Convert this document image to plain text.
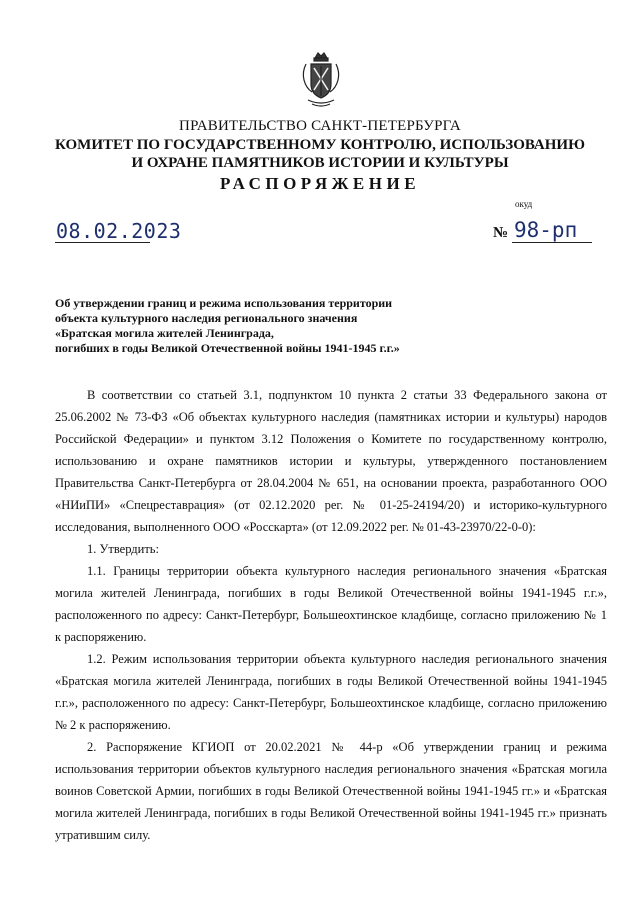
ПРАВИТЕЛЬСТВО САНКТ-ПЕТЕРБУРГА
КОМИТЕТ ПО ГОСУДАРСТВЕННОМУ КОНТРОЛЮ, ИСПОЛЬЗОВАНИЮ
И ОХРАНЕ ПАМЯТНИКОВ ИСТОРИИ И КУЛЬТУРЫ
РАСПОРЯЖЕНИЕ
окуд
08.02.2023	№ 98-рп
Об утверждении границ и режима использования территории
объекта культурного наследия регионального значения
«Братская могила жителей Ленинграда,
погибших в годы Великой Отечественной войны 1941-1945 г.г.»

В соответствии со статьей 3.1, подпунктом 10 пункта 2 статьи 33 Федерального закона от 25.06.2002 № 73-ФЗ «Об объектах культурного наследия (памятниках истории и культуры) народов Российской Федерации» и пунктом 3.12 Положения о Комитете по государственному контролю, использованию и охране памятников истории и культуры, утвержденного постановлением Правительства Санкт-Петербурга от 28.04.2004 № 651, на основании проекта, разработанного ООО «НИиПИ» «Спецреставрация» (от 02.12.2020 рег. № 01-25-24194/20) и историко-культурного исследования, выполненного ООО «Росскарта» (от 12.09.2022 рег. № 01-43-23970/22-0-0):

1. Утвердить:

1.1. Границы территории объекта культурного наследия регионального значения «Братская могила жителей Ленинграда, погибших в годы Великой Отечественной войны 1941-1945 г.г.», расположенного по адресу: Санкт-Петербург, Большеохтинское кладбище, согласно приложению № 1 к распоряжению.

1.2. Режим использования территории объекта культурного наследия регионального значения «Братская могила жителей Ленинграда, погибших в годы Великой Отечественной войны 1941-1945 г.г.», расположенного по адресу: Санкт-Петербург, Большеохтинское кладбище, согласно приложению № 2 к распоряжению.

2. Распоряжение КГИОП от 20.02.2021 № 44-р «Об утверждении границ и режима использования территории объектов культурного наследия регионального значения «Братская могила воинов Советской Армии, погибших в годы Великой Отечественной войны 1941-1945 гг.» и «Братская могила жителей Ленинграда, погибших в годы Великой Отечественной войны 1941-1945 гг.» признать утратившим силу.
